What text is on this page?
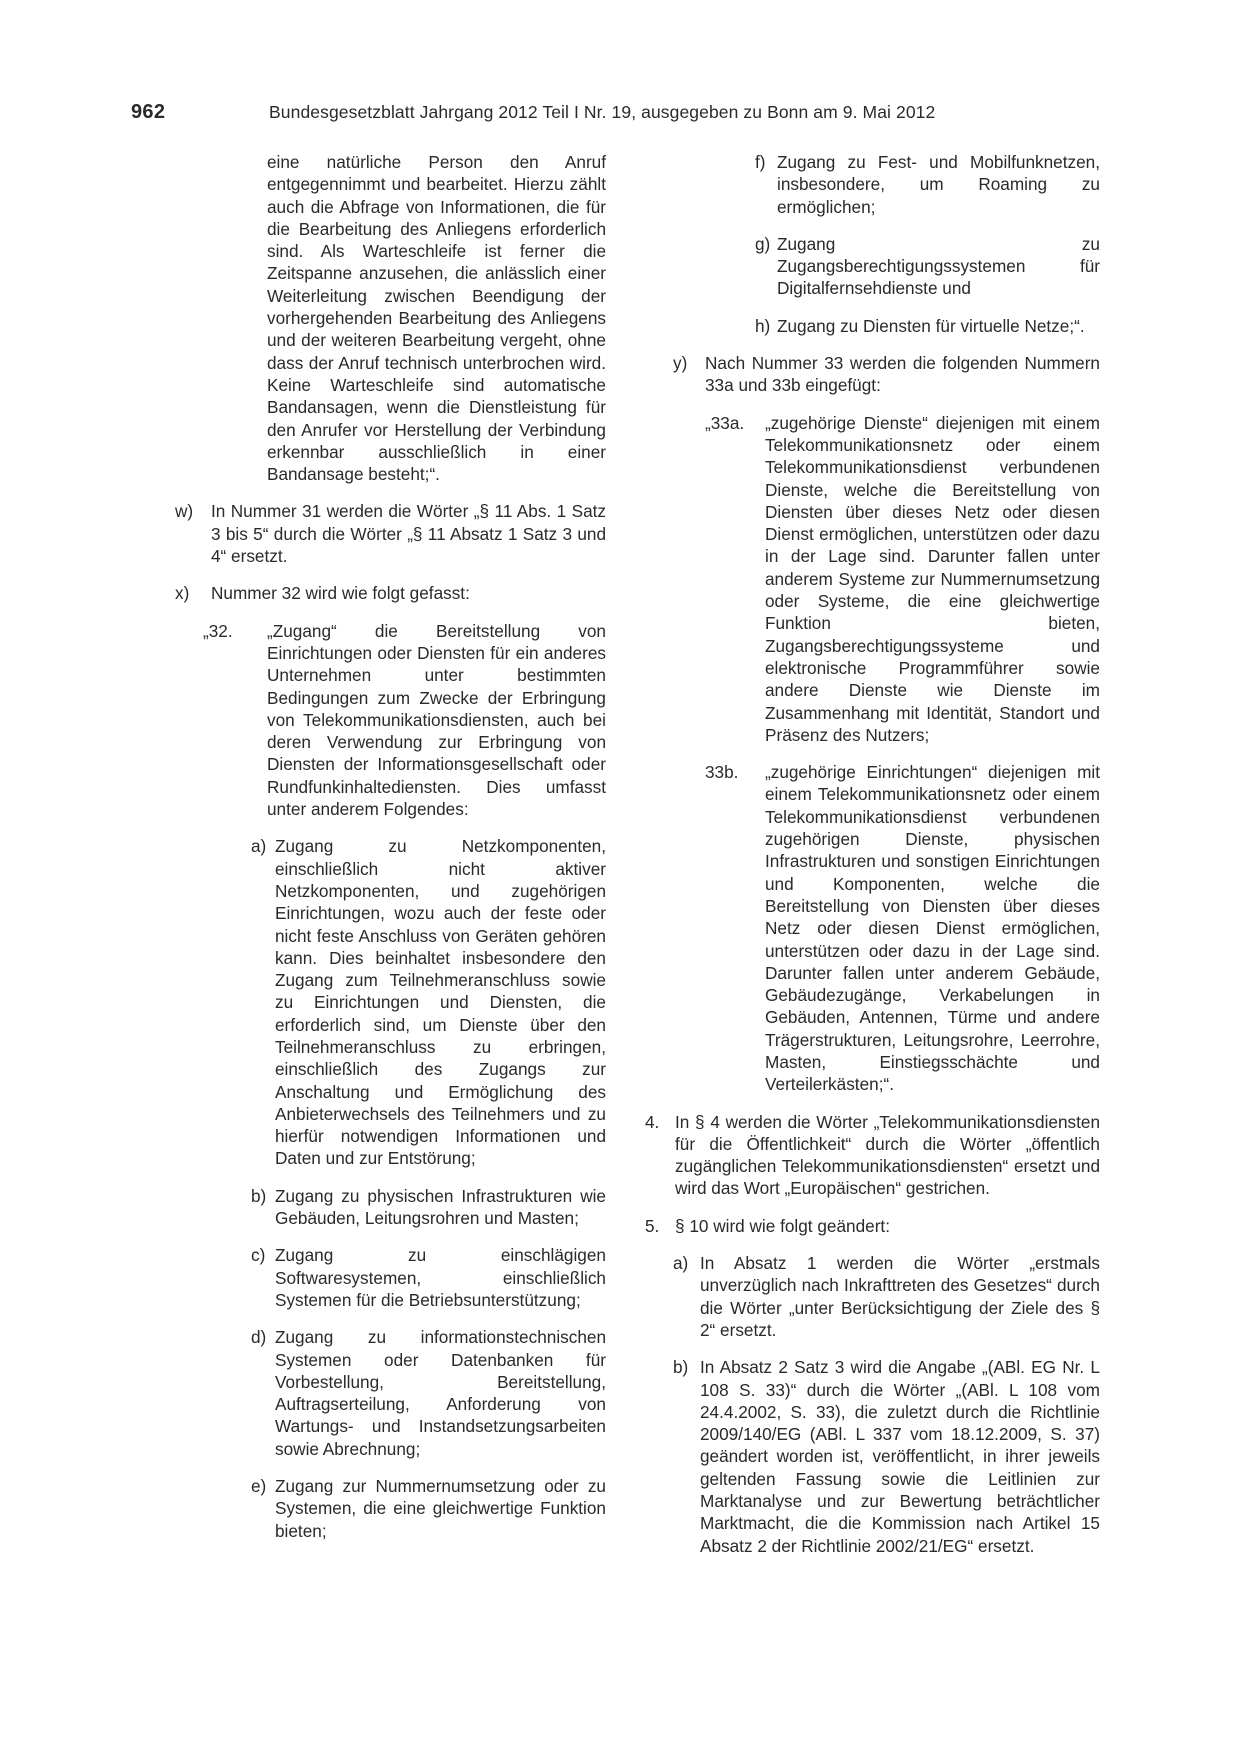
962	Bundesgesetzblatt Jahrgang 2012 Teil I Nr. 19, ausgegeben zu Bonn am 9. Mai 2012
eine natürliche Person den Anruf entgegennimmt und bearbeitet. Hierzu zählt auch die Abfrage von Informationen, die für die Bearbeitung des Anliegens erforderlich sind. Als Warteschleife ist ferner die Zeitspanne anzusehen, die anlässlich einer Weiterleitung zwischen Beendigung der vorhergehenden Bearbeitung des Anliegens und der weiteren Bearbeitung vergeht, ohne dass der Anruf technisch unterbrochen wird. Keine Warteschleife sind automatische Bandansagen, wenn die Dienstleistung für den Anrufer vor Herstellung der Verbindung erkennbar ausschließlich in einer Bandansage besteht;“.
w)	In Nummer 31 werden die Wörter „§ 11 Abs. 1 Satz 3 bis 5“ durch die Wörter „§ 11 Absatz 1 Satz 3 und 4“ ersetzt.
x)	Nummer 32 wird wie folgt gefasst:
„32.	„Zugang“ die Bereitstellung von Einrichtungen oder Diensten für ein anderes Unternehmen unter bestimmten Bedingungen zum Zwecke der Erbringung von Telekommunikationsdiensten, auch bei deren Verwendung zur Erbringung von Diensten der Informationsgesellschaft oder Rundfunkinhaltediensten. Dies umfasst unter anderem Folgendes:
a) Zugang zu Netzkomponenten, einschließlich nicht aktiver Netzkomponenten, und zugehörigen Einrichtungen, wozu auch der feste oder nicht feste Anschluss von Geräten gehören kann. Dies beinhaltet insbesondere den Zugang zum Teilnehmeranschluss sowie zu Einrichtungen und Diensten, die erforderlich sind, um Dienste über den Teilnehmeranschluss zu erbringen, einschließlich des Zugangs zur Anschaltung und Ermöglichung des Anbieterwechsels des Teilnehmers und zu hierfür notwendigen Informationen und Daten und zur Entstörung;
b) Zugang zu physischen Infrastrukturen wie Gebäuden, Leitungsrohren und Masten;
c) Zugang zu einschlägigen Softwaresystemen, einschließlich Systemen für die Betriebsunterstützung;
d) Zugang zu informationstechnischen Systemen oder Datenbanken für Vorbestellung, Bereitstellung, Auftragserteilung, Anforderung von Wartungs- und Instandsetzungsarbeiten sowie Abrechnung;
e) Zugang zur Nummernumsetzung oder zu Systemen, die eine gleichwertige Funktion bieten;
f) Zugang zu Fest- und Mobilfunknetzen, insbesondere, um Roaming zu ermöglichen;
g) Zugang zu Zugangsberechtigungssystemen für Digitalfernsehdienste und
h) Zugang zu Diensten für virtuelle Netze;“.
y)	Nach Nummer 33 werden die folgenden Nummern 33a und 33b eingefügt:
„33a.	„zugehörige Dienste“ diejenigen mit einem Telekommunikationsnetz oder einem Telekommunikationsdienst verbundenen Dienste, welche die Bereitstellung von Diensten über dieses Netz oder diesen Dienst ermöglichen, unterstützen oder dazu in der Lage sind. Darunter fallen unter anderem Systeme zur Nummernumsetzung oder Systeme, die eine gleichwertige Funktion bieten, Zugangsberechtigungssysteme und elektronische Programmführer sowie andere Dienste wie Dienste im Zusammenhang mit Identität, Standort und Präsenz des Nutzers;
33b.	„zugehörige Einrichtungen“ diejenigen mit einem Telekommunikationsnetz oder einem Telekommunikationsdienst verbundenen zugehörigen Dienste, physischen Infrastrukturen und sonstigen Einrichtungen und Komponenten, welche die Bereitstellung von Diensten über dieses Netz oder diesen Dienst ermöglichen, unterstützen oder dazu in der Lage sind. Darunter fallen unter anderem Gebäude, Gebäudezugänge, Verkabelungen in Gebäuden, Antennen, Türme und andere Trägerstrukturen, Leitungsrohre, Leerrohre, Masten, Einstiegsschächte und Verteilerkästen;“.
4. In § 4 werden die Wörter „Telekommunikationsdiensten für die Öffentlichkeit“ durch die Wörter „öffentlich zugänglichen Telekommunikationsdiensten“ ersetzt und wird das Wort „Europäischen“ gestrichen.
5. § 10 wird wie folgt geändert:
a) In Absatz 1 werden die Wörter „erstmals unverzüglich nach Inkrafttreten des Gesetzes“ durch die Wörter „unter Berücksichtigung der Ziele des § 2“ ersetzt.
b) In Absatz 2 Satz 3 wird die Angabe „(ABl. EG Nr. L 108 S. 33)“ durch die Wörter „(ABl. L 108 vom 24.4.2002, S. 33), die zuletzt durch die Richtlinie 2009/140/EG (ABl. L 337 vom 18.12.2009, S. 37) geändert worden ist, veröffentlicht, in ihrer jeweils geltenden Fassung sowie die Leitlinien zur Marktanalyse und zur Bewertung beträchtlicher Marktmacht, die die Kommission nach Artikel 15 Absatz 2 der Richtlinie 2002/21/EG“ ersetzt.
